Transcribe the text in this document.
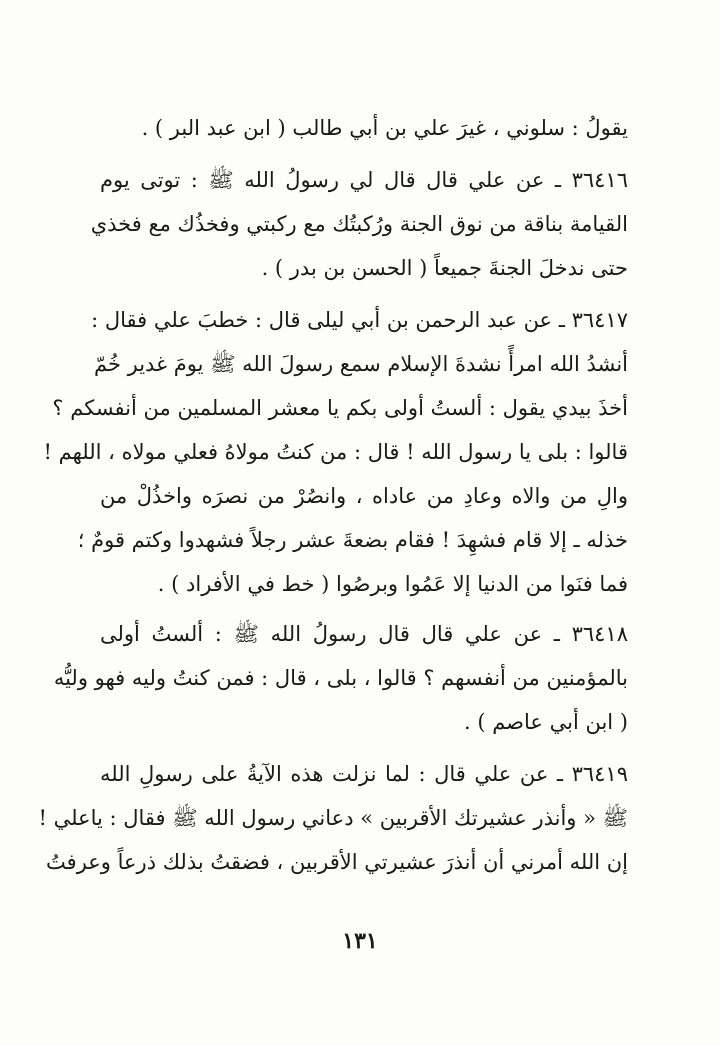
يقولُ : سلوني ، غيرَ علي بن أبي طالب ( ابن عبد البر ) .
٣٦٤١٦ ـ عن علي قال قال لي رسولُ الله ﷺ : توتى يوم
القيامة بناقة من نوق الجنة ورُكبتُك مع ركبتي وفخذُك مع فخذي
حتى ندخلَ الجنةَ جميعاً ( الحسن بن بدر ) .
٣٦٤١٧ ـ عن عبد الرحمن بن أبي ليلى قال : خطبَ علي فقال :
أنشدُ الله امرأً نشدةَ الإسلام سمع رسولَ الله ﷺ يومَ غدير خُمّ
أخذَ بيدي يقول : ألستُ أولى بكم يا معشر المسلمين من أنفسكم ؟
قالوا : بلى يا رسول الله ! قال : من كنتُ مولاهُ فعلي مولاه ، اللهم !
والِ من والاه وعادِ من عاداه ، وانصُرْ من نصرَه واخذُلْ من
خذله ـ إلا قام فشهِدَ ! فقام بضعةَ عشر رجلاً فشهدوا وكتم قومٌ ؛
فما فنَوا من الدنيا إلا عَمُوا وبرصُوا ( خط في الأفراد ) .
٣٦٤١٨ ـ عن علي قال قال رسولُ الله ﷺ : ألستُ أولى
بالمؤمنين من أنفسهم ؟ قالوا ، بلى ، قال : فمن كنتُ وليه فهو وليُّه
( ابن أبي عاصم ) .
٣٦٤١٩ ـ عن علي قال : لما نزلت هذه الآيةُ على رسولِ الله
ﷺ « وأنذر عشيرتك الأقربين » دعاني رسول الله ﷺ فقال : ياعلي !
إن الله أمرني أن أنذرَ عشيرتي الأقربين ، فضقتُ بذلك ذرعاً وعرفتُ
١٣١
